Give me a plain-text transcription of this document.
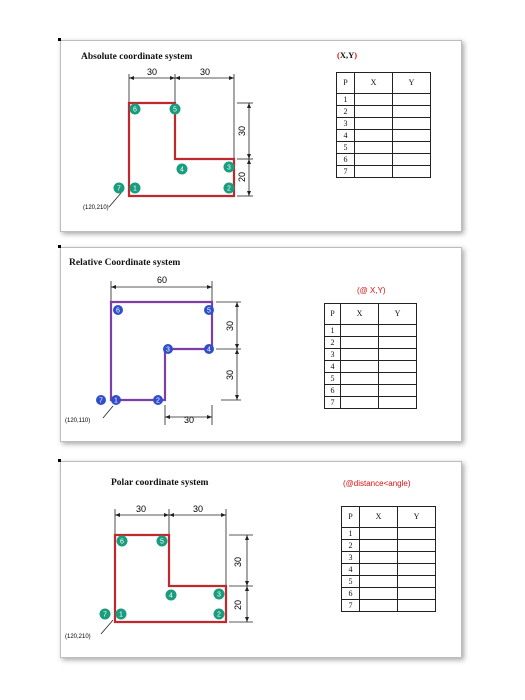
Absolute coordinate system	(X,Y)
P	X	Y
1		
2		
3		
4		
5		
6		
7		
30	30
30
20
(120,210)
7 1	2
3
4
5
6
Relative Coordinate system
(@ X,Y)
P	X	Y
1		
2		
3		
4		
5		
6		
7		
60
30
30
30
(120,110)
7 1	2
3	4
5
6
Polar coordinate system	(@distance<angle)
P	X	Y
1		
2		
3		
4		
5		
6		
7		
30	30
30
20
(120,210)
7 1	2
3
4
5
6
